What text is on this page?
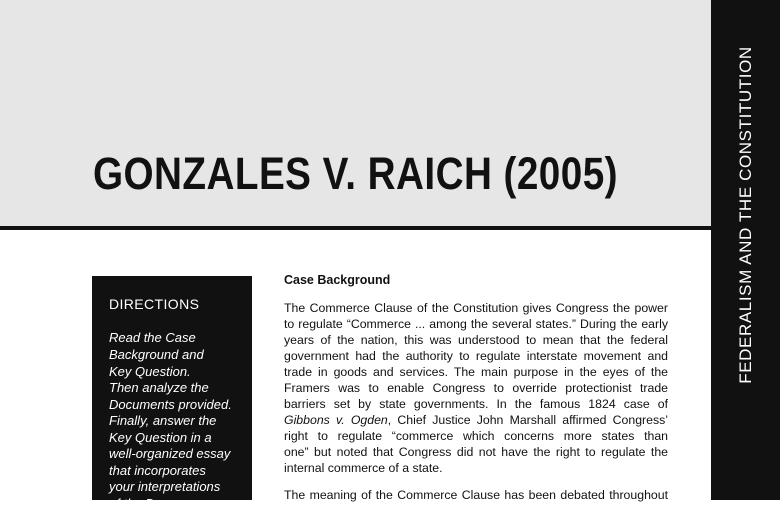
GONZALES V. RAICH (2005)	FEDERALISM AND THE CONSTITUTION
DIRECTIONS
Read the Case
Background and
Key Question.
Then analyze the
Documents provided.
Finally, answer the
Key Question in a
well-organized essay
that incorporates
your interpretations
of the D
Case Background
The Commerce Clause of the Constitution gives Congress the power
to regulate “Commerce ... among the several states.” During the early
years of the nation, this was understood to mean that the federal
government had the authority to regulate interstate movement and
trade in goods and services. The main purpose in the eyes of the
Framers was to enable Congress to override protectionist trade
barriers set by state governments. In the famous 1824 case of
Gibbons v. Ogden, Chief Justice John Marshall affirmed Congress’
right to regulate “commerce which concerns more states than
one” but noted that Congress did not have the right to regulate the
internal commerce of a state.
The meaning of the Commerce Clause has been debated throughout
